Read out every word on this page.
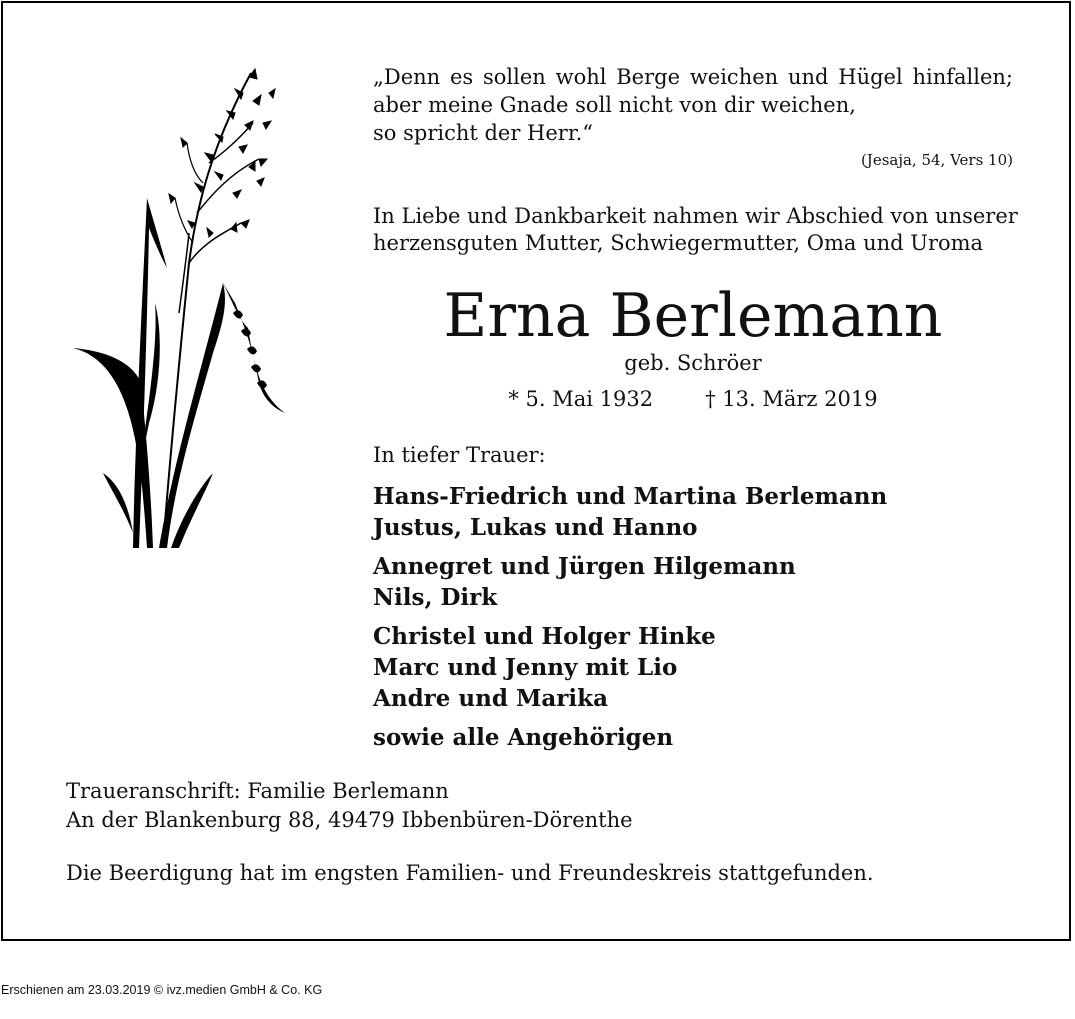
„Denn es sollen wohl Berge weichen und Hügel hinfallen;
aber meine Gnade soll nicht von dir weichen,
so spricht der Herr.“
(Jesaja, 54, Vers 10)
In Liebe und Dankbarkeit nahmen wir Abschied von unserer
herzensguten Mutter, Schwiegermutter, Oma und Uroma
Erna Berlemann
geb. Schröer
* 5. Mai 1932 † 13. März 2019
In tiefer Trauer:
Hans-Friedrich und Martina Berlemann
Justus, Lukas und Hanno
Annegret und Jürgen Hilgemann
Nils, Dirk
Christel und Holger Hinke
Marc und Jenny mit Lio
Andre und Marika
sowie alle Angehörigen
Traueranschrift: Familie Berlemann
An der Blankenburg 88, 49479 Ibbenbüren-Dörenthe
Die Beerdigung hat im engsten Familien- und Freundeskreis stattgefunden.
Erschienen am 23.03.2019 © ivz.medien GmbH & Co. KG
